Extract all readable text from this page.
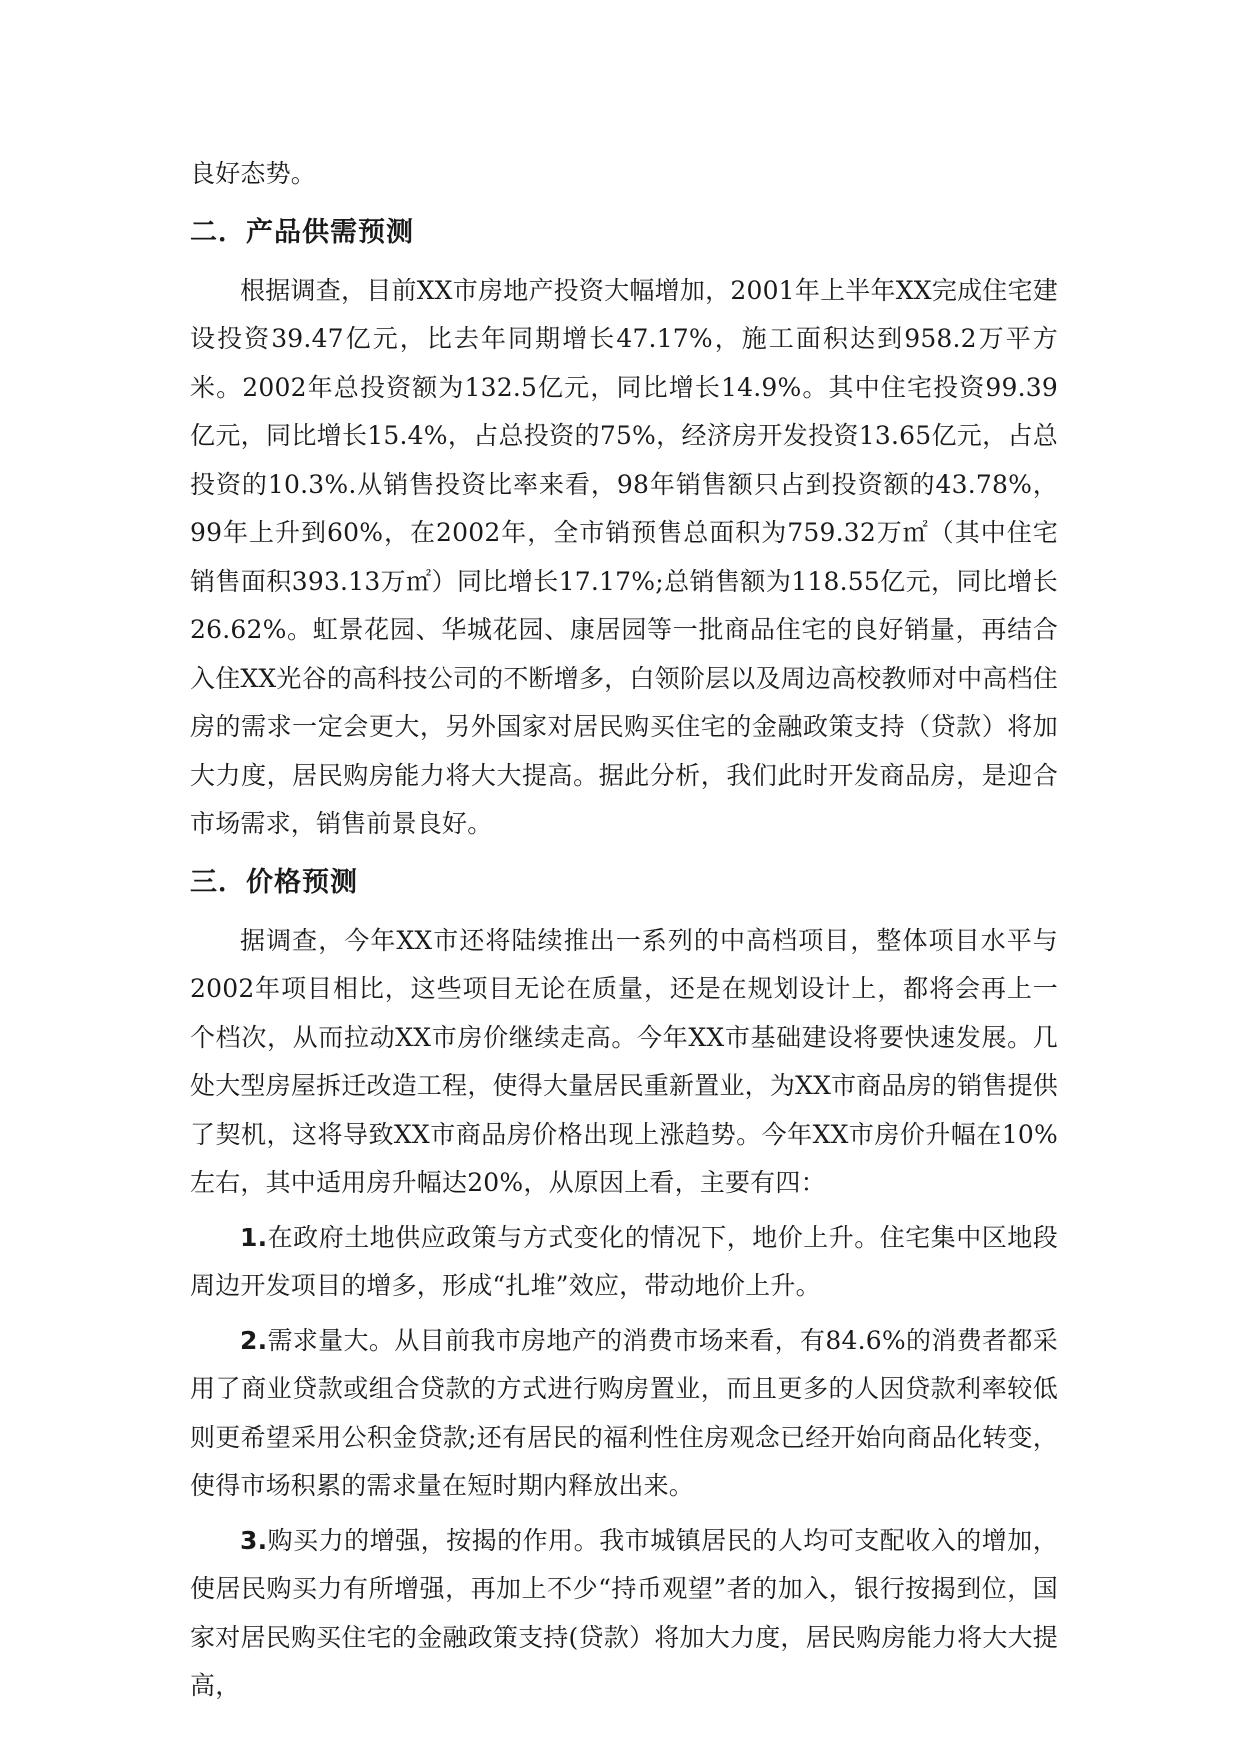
良好态势。

二．产品供需预测

根据调查，目前XX市房地产投资大幅增加，2001年上半年XX完成住宅建设投资39.47亿元，比去年同期增长47.17%，施工面积达到958.2万平方米。2002年总投资额为132.5亿元，同比增长14.9%。其中住宅投资99.39亿元，同比增长15.4%，占总投资的75%，经济房开发投资13.65亿元，占总投资的10.3%.从销售投资比率来看，98年销售额只占到投资额的43.78%，99年上升到60%，在2002年，全市销预售总面积为759.32万㎡（其中住宅销售面积393.13万㎡）同比增长17.17%;总销售额为118.55亿元，同比增长26.62%。虹景花园、华城花园、康居园等一批商品住宅的良好销量，再结合入住XX光谷的高科技公司的不断增多，白领阶层以及周边高校教师对中高档住房的需求一定会更大，另外国家对居民购买住宅的金融政策支持（贷款）将加大力度，居民购房能力将大大提高。据此分析，我们此时开发商品房，是迎合市场需求，销售前景良好。

三．价格预测

据调查，今年XX市还将陆续推出一系列的中高档项目，整体项目水平与2002年项目相比，这些项目无论在质量，还是在规划设计上，都将会再上一个档次，从而拉动XX市房价继续走高。今年XX市基础建设将要快速发展。几处大型房屋拆迁改造工程，使得大量居民重新置业，为XX市商品房的销售提供了契机，这将导致XX市商品房价格出现上涨趋势。今年XX市房价升幅在10%左右，其中适用房升幅达20%，从原因上看，主要有四：

1.在政府土地供应政策与方式变化的情况下，地价上升。住宅集中区地段周边开发项目的增多，形成“扎堆”效应，带动地价上升。

2.需求量大。从目前我市房地产的消费市场来看，有84.6%的消费者都采用了商业贷款或组合贷款的方式进行购房置业，而且更多的人因贷款利率较低则更希望采用公积金贷款;还有居民的福利性住房观念已经开始向商品化转变，使得市场积累的需求量在短时期内释放出来。

3.购买力的增强，按揭的作用。我市城镇居民的人均可支配收入的增加，使居民购买力有所增强，再加上不少“持币观望”者的加入，银行按揭到位，国家对居民购买住宅的金融政策支持(贷款）将加大力度，居民购房能力将大大提高，
